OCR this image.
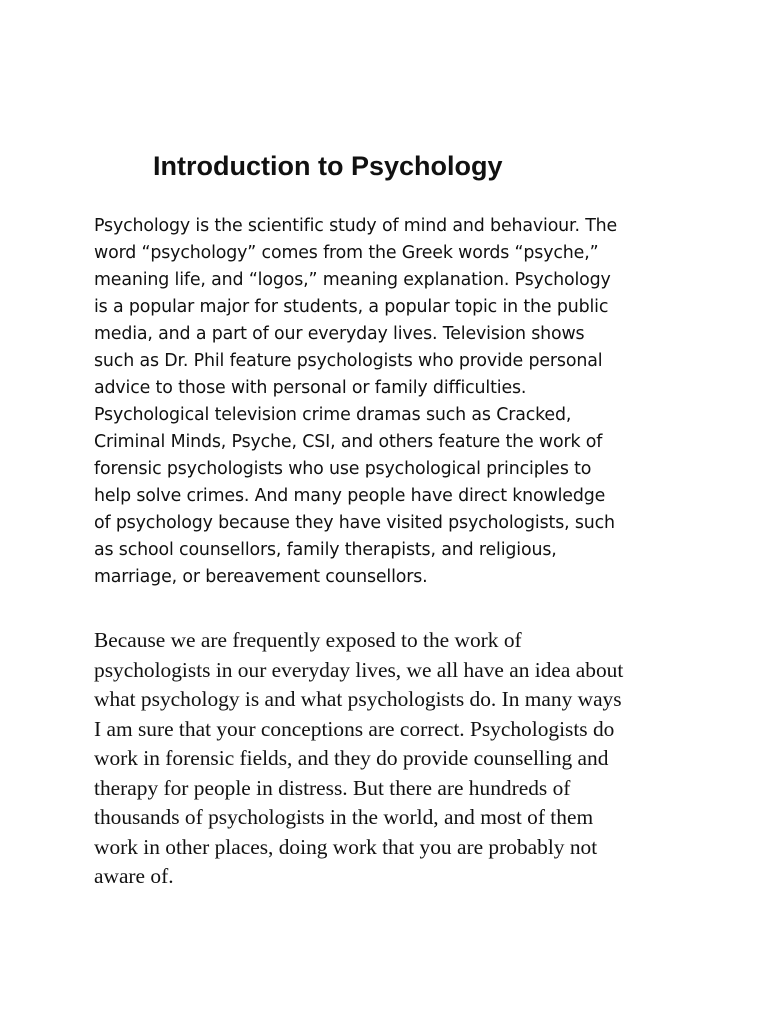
Introduction to Psychology
Psychology is the scientific study of mind and behaviour. The
word “psychology” comes from the Greek words “psyche,”
meaning life, and “logos,” meaning explanation. Psychology
is a popular major for students, a popular topic in the public
media, and a part of our everyday lives. Television shows
such as Dr. Phil feature psychologists who provide personal
advice to those with personal or family difficulties.
Psychological television crime dramas such as Cracked,
Criminal Minds, Psyche, CSI, and others feature the work of
forensic psychologists who use psychological principles to
help solve crimes. And many people have direct knowledge
of psychology because they have visited psychologists, such
as school counsellors, family therapists, and religious,
marriage, or bereavement counsellors.
Because we are frequently exposed to the work of
psychologists in our everyday lives, we all have an idea about
what psychology is and what psychologists do. In many ways
I am sure that your conceptions are correct. Psychologists do
work in forensic fields, and they do provide counselling and
therapy for people in distress. But there are hundreds of
thousands of psychologists in the world, and most of them
work in other places, doing work that you are probably not
aware of.
